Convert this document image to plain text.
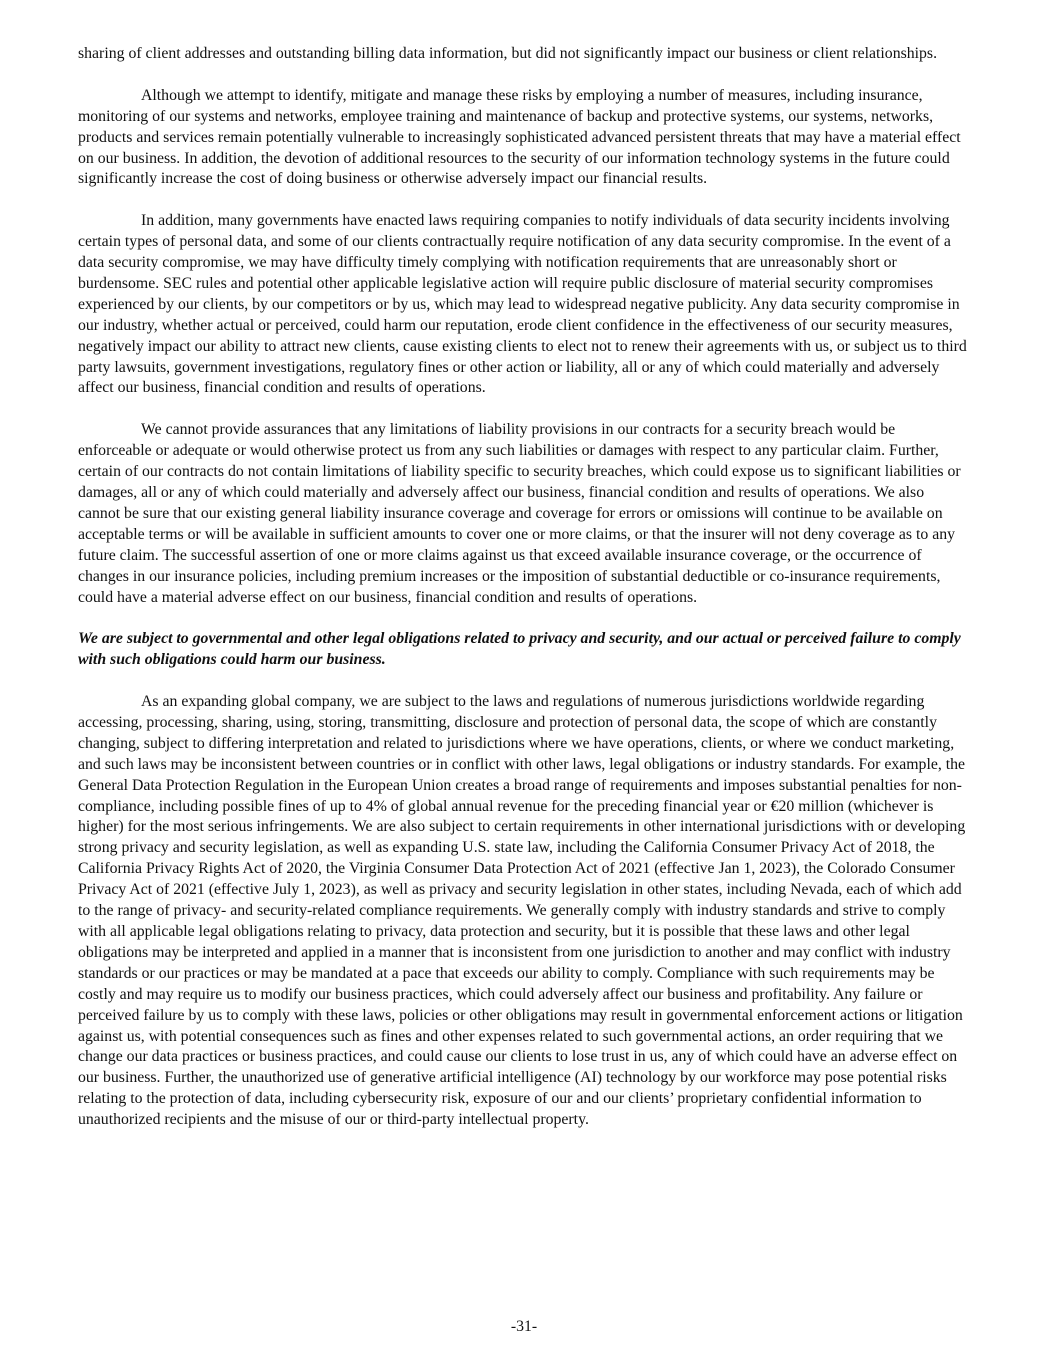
sharing of client addresses and outstanding billing data information, but did not significantly impact our business or client relationships.

Although we attempt to identify, mitigate and manage these risks by employing a number of measures, including insurance, monitoring of our systems and networks, employee training and maintenance of backup and protective systems, our systems, networks, products and services remain potentially vulnerable to increasingly sophisticated advanced persistent threats that may have a material effect on our business. In addition, the devotion of additional resources to the security of our information technology systems in the future could significantly increase the cost of doing business or otherwise adversely impact our financial results.

In addition, many governments have enacted laws requiring companies to notify individuals of data security incidents involving certain types of personal data, and some of our clients contractually require notification of any data security compromise. In the event of a data security compromise, we may have difficulty timely complying with notification requirements that are unreasonably short or burdensome. SEC rules and potential other applicable legislative action will require public disclosure of material security compromises experienced by our clients, by our competitors or by us, which may lead to widespread negative publicity. Any data security compromise in our industry, whether actual or perceived, could harm our reputation, erode client confidence in the effectiveness of our security measures, negatively impact our ability to attract new clients, cause existing clients to elect not to renew their agreements with us, or subject us to third party lawsuits, government investigations, regulatory fines or other action or liability, all or any of which could materially and adversely affect our business, financial condition and results of operations.

We cannot provide assurances that any limitations of liability provisions in our contracts for a security breach would be enforceable or adequate or would otherwise protect us from any such liabilities or damages with respect to any particular claim. Further, certain of our contracts do not contain limitations of liability specific to security breaches, which could expose us to significant liabilities or damages, all or any of which could materially and adversely affect our business, financial condition and results of operations. We also cannot be sure that our existing general liability insurance coverage and coverage for errors or omissions will continue to be available on acceptable terms or will be available in sufficient amounts to cover one or more claims, or that the insurer will not deny coverage as to any future claim. The successful assertion of one or more claims against us that exceed available insurance coverage, or the occurrence of changes in our insurance policies, including premium increases or the imposition of substantial deductible or co-insurance requirements, could have a material adverse effect on our business, financial condition and results of operations.

We are subject to governmental and other legal obligations related to privacy and security, and our actual or perceived failure to comply with such obligations could harm our business.

As an expanding global company, we are subject to the laws and regulations of numerous jurisdictions worldwide regarding accessing, processing, sharing, using, storing, transmitting, disclosure and protection of personal data, the scope of which are constantly changing, subject to differing interpretation and related to jurisdictions where we have operations, clients, or where we conduct marketing, and such laws may be inconsistent between countries or in conflict with other laws, legal obligations or industry standards. For example, the General Data Protection Regulation in the European Union creates a broad range of requirements and imposes substantial penalties for non-compliance, including possible fines of up to 4% of global annual revenue for the preceding financial year or €20 million (whichever is higher) for the most serious infringements. We are also subject to certain requirements in other international jurisdictions with or developing strong privacy and security legislation, as well as expanding U.S. state law, including the California Consumer Privacy Act of 2018, the California Privacy Rights Act of 2020, the Virginia Consumer Data Protection Act of 2021 (effective Jan 1, 2023), the Colorado Consumer Privacy Act of 2021 (effective July 1, 2023), as well as privacy and security legislation in other states, including Nevada, each of which add to the range of privacy- and security-related compliance requirements. We generally comply with industry standards and strive to comply with all applicable legal obligations relating to privacy, data protection and security, but it is possible that these laws and other legal obligations may be interpreted and applied in a manner that is inconsistent from one jurisdiction to another and may conflict with industry standards or our practices or may be mandated at a pace that exceeds our ability to comply. Compliance with such requirements may be costly and may require us to modify our business practices, which could adversely affect our business and profitability. Any failure or perceived failure by us to comply with these laws, policies or other obligations may result in governmental enforcement actions or litigation against us, with potential consequences such as fines and other expenses related to such governmental actions, an order requiring that we change our data practices or business practices, and could cause our clients to lose trust in us, any of which could have an adverse effect on our business. Further, the unauthorized use of generative artificial intelligence (AI) technology by our workforce may pose potential risks relating to the protection of data, including cybersecurity risk, exposure of our and our clients’ proprietary confidential information to unauthorized recipients and the misuse of our or third-party intellectual property.

-31-
